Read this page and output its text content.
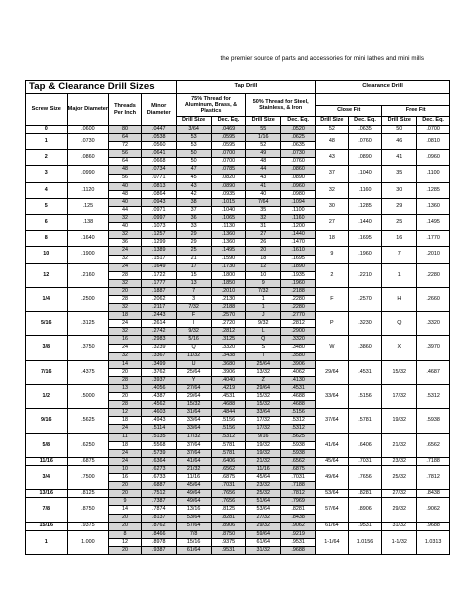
the premier source of parts and accessories for mini lathes and mini mills
Tap & Clearance Drill Sizes				Tap Drill				Clearance Drill			
Screw Size	Major Diameter	Threads Per Inch	Minor Diameter	75% Thread for Aluminum, Brass, & Plastics		50% Thread for Steel, Stainless, & Iron					
								Close Fit		Free Fit	
				Drill Size	Dec. Eq.	Drill Size	Dec. Eq.	Drill Size	Dec. Eq.	Drill Size	Dec. Eq.
0	.0600	80	.0447	3/64	.0469	55	.0520	52	.0635	50	.0700
1	.0730	64	.0538	53	.0595	1/16	.0625	48	.0760	46	.0810
		72	.0560	53	.0595	52	.0635				
2	.0860	56	.0641	50	.0700	49	.0730	43	.0890	41	.0960
		64	.0668	50	.0700	48	.0760				
3	.0990	48	.0734	47	.0785	44	.0860	37	.1040	35	.1100
		56	.0771	45	.0820	43	.0890				
4	.1120	40	.0813	43	.0890	41	.0960	32	.1160	30	.1285
		48	.0864	42	.0935	40	.0980				
5	.125	40	.0943	38	.1015	7/64	.1094	30	.1285	29	.1360
		44	.0971	37	.1040	35	.1100				
6	.138	32	.0997	36	.1065	32	.1160	27	.1440	25	.1495
		40	.1073	33	.1130	31	.1200				
8	.1640	32	.1257	29	.1360	27	.1440	18	.1695	16	.1770
		36	.1299	29	.1360	26	.1470				
10	.1900	24	.1389	25	.1495	20	.1610	9	.1960	7	.2010
		32	.1517	21	.1590	18	.1695				
12	.2160	24	.1649	17	.1730	12	.1890	2	.2210	1	.2280
		28	.1722	15	.1800	10	.1935				
		32	.1777	13	.1850	9	.1960				
1/4	.2500	20	.1887	7	.2010	7/32	.2188	F	.2570	H	.2660
		28	.2062	3	.2130	1	.2280				
		32	.2117	7/32	.2188	1	.2280				
5/16	.3125	18	.2443	F	.2570	J	.2770	P	.3230	Q	.3320
		24	.2614	I	.2720	9/32	.2812				
		32	.2742	9/32	.2812	L	.2900				
3/8	.3750	16	.2983	5/16	.3125	Q	.3320	W	.3860	X	.3970
		24	.3239	Q	.3320	S	.3480				
		32	.3367	11/32	.3438	T	.3580				
7/16	.4375	14	.3499	U	.3680	25/64	.3906	29/64	.4531	15/32	.4687
		20	.3762	25/64	.3906	13/32	.4062				
		28	.3937	Y	.4040	Z	.4130				
1/2	.5000	13	.4056	27/64	.4219	29/64	.4531	33/64	.5156	17/32	.5312
		20	.4387	29/64	.4531	15/32	.4688				
		28	.4562	15/32	.4688	15/32	.4688				
9/16	.5625	12	.4603	31/64	.4844	33/64	.5156	37/64	.5781	19/32	.5938
		18	.4943	33/64	.5156	17/32	.5312				
		24	.5114	33/64	.5156	17/32	.5312				
5/8	.6250	11	.5135	17/32	.5312	9/16	.5625	41/64	.6406	21/32	.6562
		18	.5568	37/64	.5781	19/32	.5938				
		24	.5739	37/64	.5781	19/32	.5938				
11/16	.6875	24	.6364	41/64	.6406	21/32	.6562	45/64	.7031	23/32	.7188
3/4	.7500	10	.6273	21/32	.6562	11/16	.6875	49/64	.7656	25/32	.7812
		16	.6733	11/16	.6875	45/64	.7031				
		20	.6887	45/64	.7031	23/32	.7188				
13/16	.8125	20	.7512	49/64	.7656	25/32	.7812	53/64	.8281	27/32	.8438
7/8	.8750	9	.7387	49/64	.7656	51/64	.7969	57/64	.8906	29/32	.9062
		14	.7874	13/16	.8125	53/64	.8281				
		20	.8137	53/64	.8281	27/32	.8438				
15/16	.9375	20	.8762	57/64	.8906	29/32	.9062	61/64	.9531	31/32	.9688
1	1.000	8	.8466	7/8	.8750	59/64	.9219	1-1/64	1.0156	1-1/32	1.0313
		12	.8978	15/16	.9375	61/64	.9531				
		20	.9387	61/64	.9531	31/32	.9688				
